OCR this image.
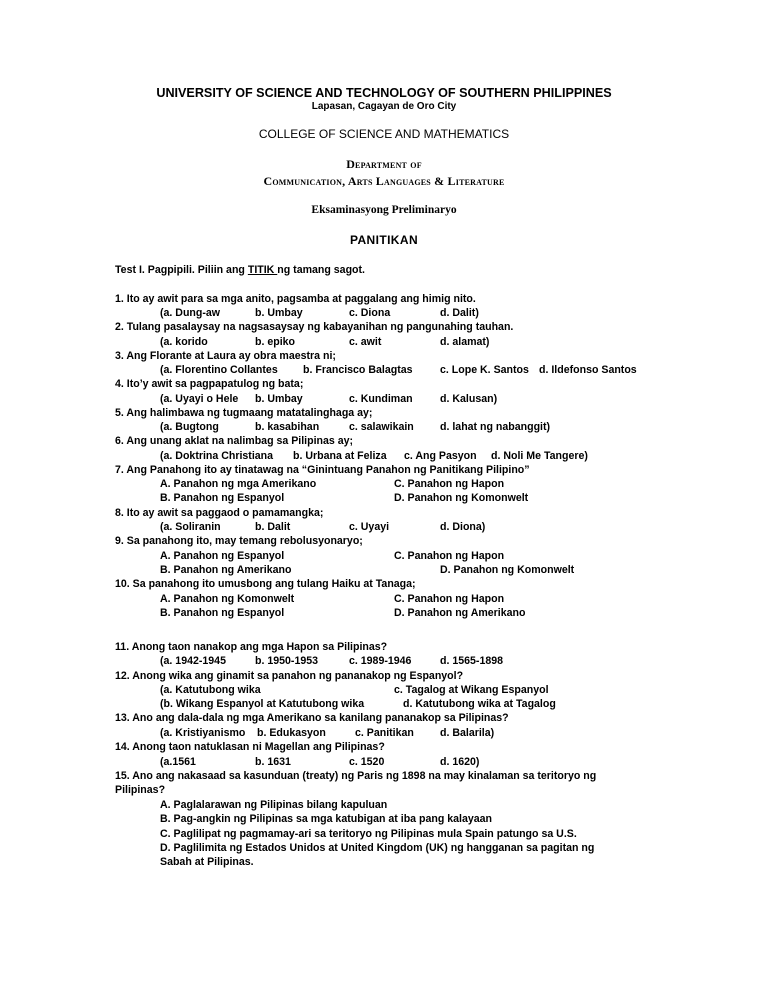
UNIVERSITY OF SCIENCE AND TECHNOLOGY OF SOUTHERN PHILIPPINES
Lapasan, Cagayan de Oro City
COLLEGE OF SCIENCE AND MATHEMATICS
Department of
Communication, Arts Languages & Literature
Eksaminasyong Preliminaryo
PANITIKAN
Test I. Pagpipili. Piliin ang TITIK ng tamang sagot.
1. Ito ay awit para sa mga anito, pagsamba at paggalang ang himig nito.
(a. Dung-aw	b. Umbay	c. Diona	d. Dalit)
2. Tulang pasalaysay na nagsasaysay ng kabayanihan ng pangunahing tauhan.
(a. korido	b. epiko	c. awit	d. alamat)
3. Ang Florante at Laura ay obra maestra ni;
(a. Florentino Collantes b. Francisco Balagtas	c. Lope K. Santos d. Ildefonso Santos
4. Ito’y awit sa pagpapatulog ng bata;
(a. Uyayi o Hele b. Umbay	c. Kundiman	d. Kalusan)
5. Ang halimbawa ng tugmaang matatalinghaga ay;
(a. Bugtong	b. kasabihan	c. salawikain d. lahat ng nabanggit)
6. Ang unang aklat na nalimbag sa Pilipinas ay;
(a. Doktrina Christiana b. Urbana at Feliza c. Ang Pasyon d. Noli Me Tangere)
7. Ang Panahong ito ay tinatawag na “Ginintuang Panahon ng Panitikang Pilipino”
A. Panahon ng mga Amerikano	C. Panahon ng Hapon
B. Panahon ng Espanyol	D. Panahon ng Komonwelt
8. Ito ay awit sa paggaod o pamamangka;
(a. Soliranin	b. Dalit	c. Uyayi	d. Diona)
9. Sa panahong ito, may temang rebolusyonaryo;
A. Panahon ng Espanyol	C. Panahon ng Hapon
B. Panahon ng Amerikano	D. Panahon ng Komonwelt
10. Sa panahong ito umusbong ang tulang Haiku at Tanaga;
A. Panahon ng Komonwelt	C. Panahon ng Hapon
B. Panahon ng Espanyol	D. Panahon ng Amerikano
11. Anong taon nanakop ang mga Hapon sa Pilipinas?
(a. 1942-1945	b. 1950-1953	c. 1989-1946	d. 1565-1898
12. Anong wika ang ginamit sa panahon ng pananakop ng Espanyol?
(a. Katutubong wika	c. Tagalog at Wikang Espanyol
(b. Wikang Espanyol at Katutubong wika	d. Katutubong wika at Tagalog
13. Ano ang dala-dala ng mga Amerikano sa kanilang pananakop sa Pilipinas?
(a. Kristiyanismo b. Edukasyon	c. Panitikan d. Balarila)
14. Anong taon natuklasan ni Magellan ang Pilipinas?
(a.1561	b. 1631	c. 1520	d. 1620)
15. Ano ang nakasaad sa kasunduan (treaty) ng Paris ng 1898 na may kinalaman sa teritoryo ng
Pilipinas?
A. Paglalarawan ng Pilipinas bilang kapuluan
B. Pag-angkin ng Pilipinas sa mga katubigan at iba pang kalayaan
C. Paglilipat ng pagmamay-ari sa teritoryo ng Pilipinas mula Spain patungo sa U.S.
D. Paglilimita ng Estados Unidos at United Kingdom (UK) ng hangganan sa pagitan ng
Sabah at Pilipinas.
